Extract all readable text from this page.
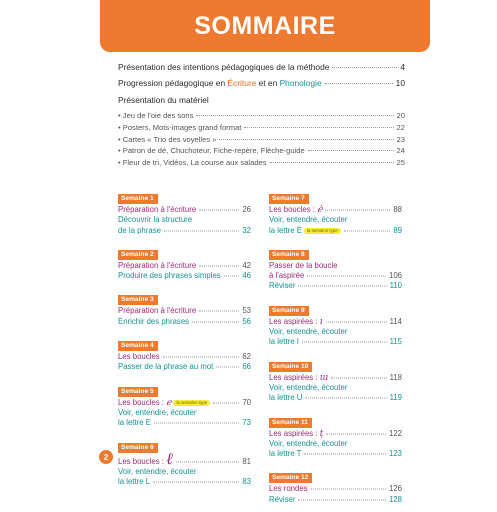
SOMMAIRE
Présentation des intentions pédagogiques de la méthode	4
Progression pédagogique en Écriture et en Phonologie	10
Présentation du matériel
• Jeu de l'oie des sons	20
• Posters, Mots-images grand format	22
• Cartes « Trio des voyelles »	23
• Patron de dé, Chuchoteur, Fiche-repère, Flèche-guide	24
• Fleur de tri, Vidéos, La course aux salades	25
Semaine 1
Préparation à l'écriture	26
Découvrir la structure
de la phrase	32
Semaine 2
Préparation à l'écriture	42
Produire des phrases simples	46
Semaine 3
Préparation à l'écriture	53
Enrichir des phrases	56
Semaine 4
Les boucles	62
Passer de la phrase au mot	66
Semaine 5
Les boucles : ℯ la semaine type	70
Voir, entendre, écouter
la lettre E	73
Semaine 6
Les boucles : ℓ	81
Voir, entendre, écouter
la lettre L	83
Semaine 7
Les boucles : ℯ̀	88
Voir, entendre, écouter
la lettre È la semaine type	89
Semaine 8
Passer de la boucle
à l'aspirée	106
Réviser	110
Semaine 9
Les aspirées : ı	114
Voir, entendre, écouter
la lettre I	115
Semaine 10
Les aspirées : ɯ	118
Voir, entendre, écouter
la lettre U	119
Semaine 11
Les aspirées : ț	122
Voir, entendre, écouter
la lettre T	123
Semaine 12
Les rondes	126
Réviser	128
2
